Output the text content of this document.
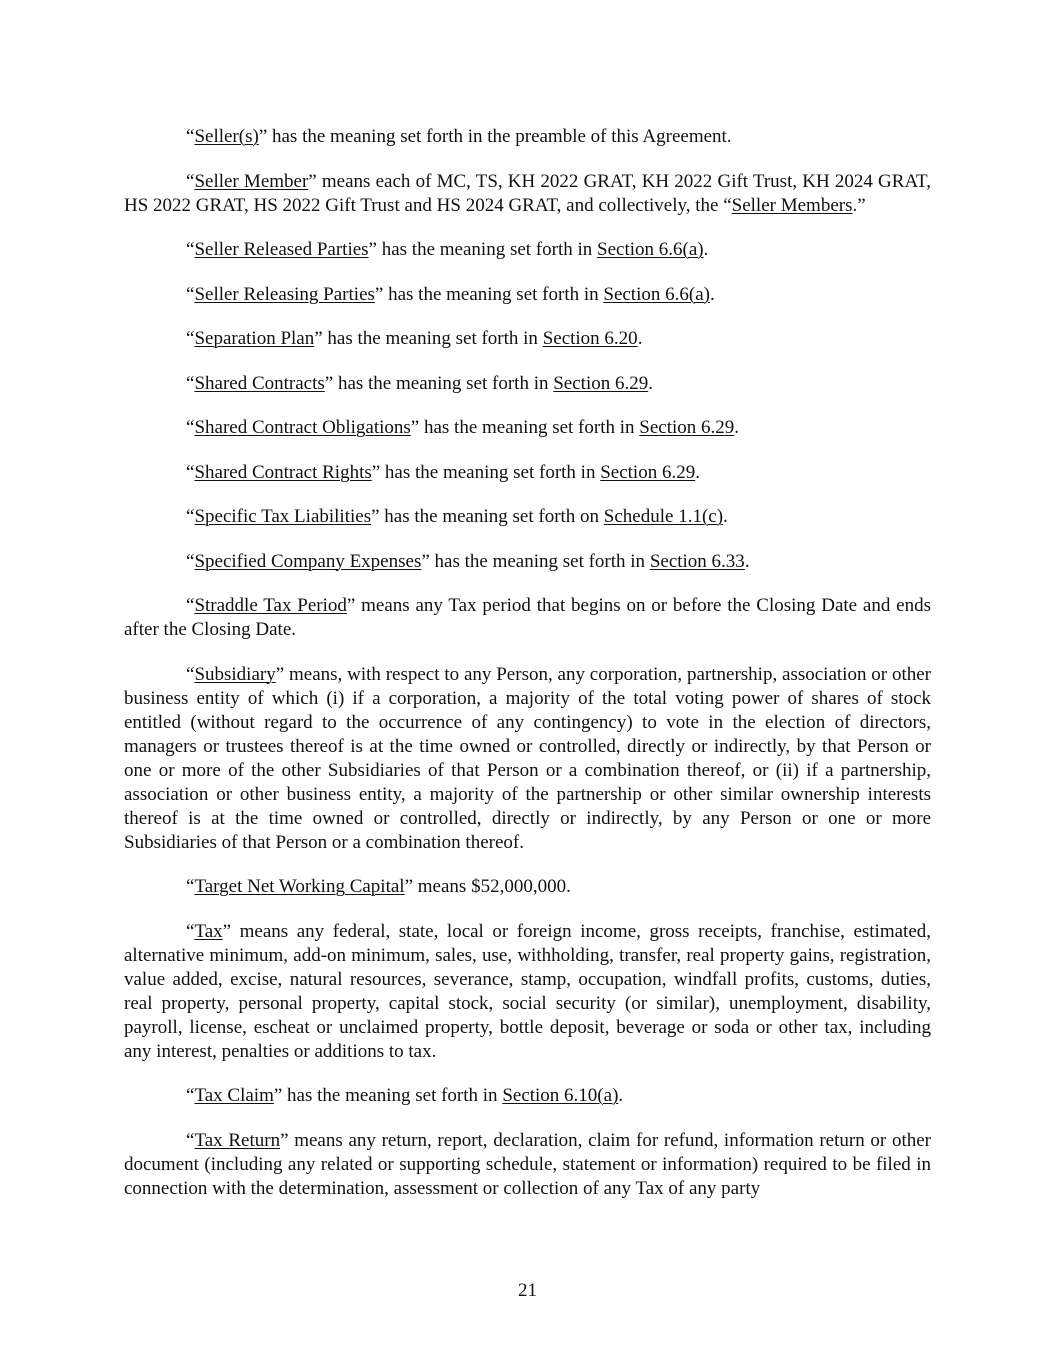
“Seller(s)” has the meaning set forth in the preamble of this Agreement.

“Seller Member” means each of MC, TS, KH 2022 GRAT, KH 2022 Gift Trust, KH 2024 GRAT, HS 2022 GRAT, HS 2022 Gift Trust and HS 2024 GRAT, and collectively, the “Seller Members.”

“Seller Released Parties” has the meaning set forth in Section 6.6(a).

“Seller Releasing Parties” has the meaning set forth in Section 6.6(a).

“Separation Plan” has the meaning set forth in Section 6.20.

“Shared Contracts” has the meaning set forth in Section 6.29.

“Shared Contract Obligations” has the meaning set forth in Section 6.29.

“Shared Contract Rights” has the meaning set forth in Section 6.29.

“Specific Tax Liabilities” has the meaning set forth on Schedule 1.1(c).

“Specified Company Expenses” has the meaning set forth in Section 6.33.

“Straddle Tax Period” means any Tax period that begins on or before the Closing Date and ends after the Closing Date.

“Subsidiary” means, with respect to any Person, any corporation, partnership, association or other business entity of which (i) if a corporation, a majority of the total voting power of shares of stock entitled (without regard to the occurrence of any contingency) to vote in the election of directors, managers or trustees thereof is at the time owned or controlled, directly or indirectly, by that Person or one or more of the other Subsidiaries of that Person or a combination thereof, or (ii) if a partnership, association or other business entity, a majority of the partnership or other similar ownership interests thereof is at the time owned or controlled, directly or indirectly, by any Person or one or more Subsidiaries of that Person or a combination thereof.

“Target Net Working Capital” means $52,000,000.

“Tax” means any federal, state, local or foreign income, gross receipts, franchise, estimated, alternative minimum, add-on minimum, sales, use, withholding, transfer, real property gains, registration, value added, excise, natural resources, severance, stamp, occupation, windfall profits, customs, duties, real property, personal property, capital stock, social security (or similar), unemployment, disability, payroll, license, escheat or unclaimed property, bottle deposit, beverage or soda or other tax, including any interest, penalties or additions to tax.

“Tax Claim” has the meaning set forth in Section 6.10(a).

“Tax Return” means any return, report, declaration, claim for refund, information return or other document (including any related or supporting schedule, statement or information) required to be filed in connection with the determination, assessment or collection of any Tax of any party

21
